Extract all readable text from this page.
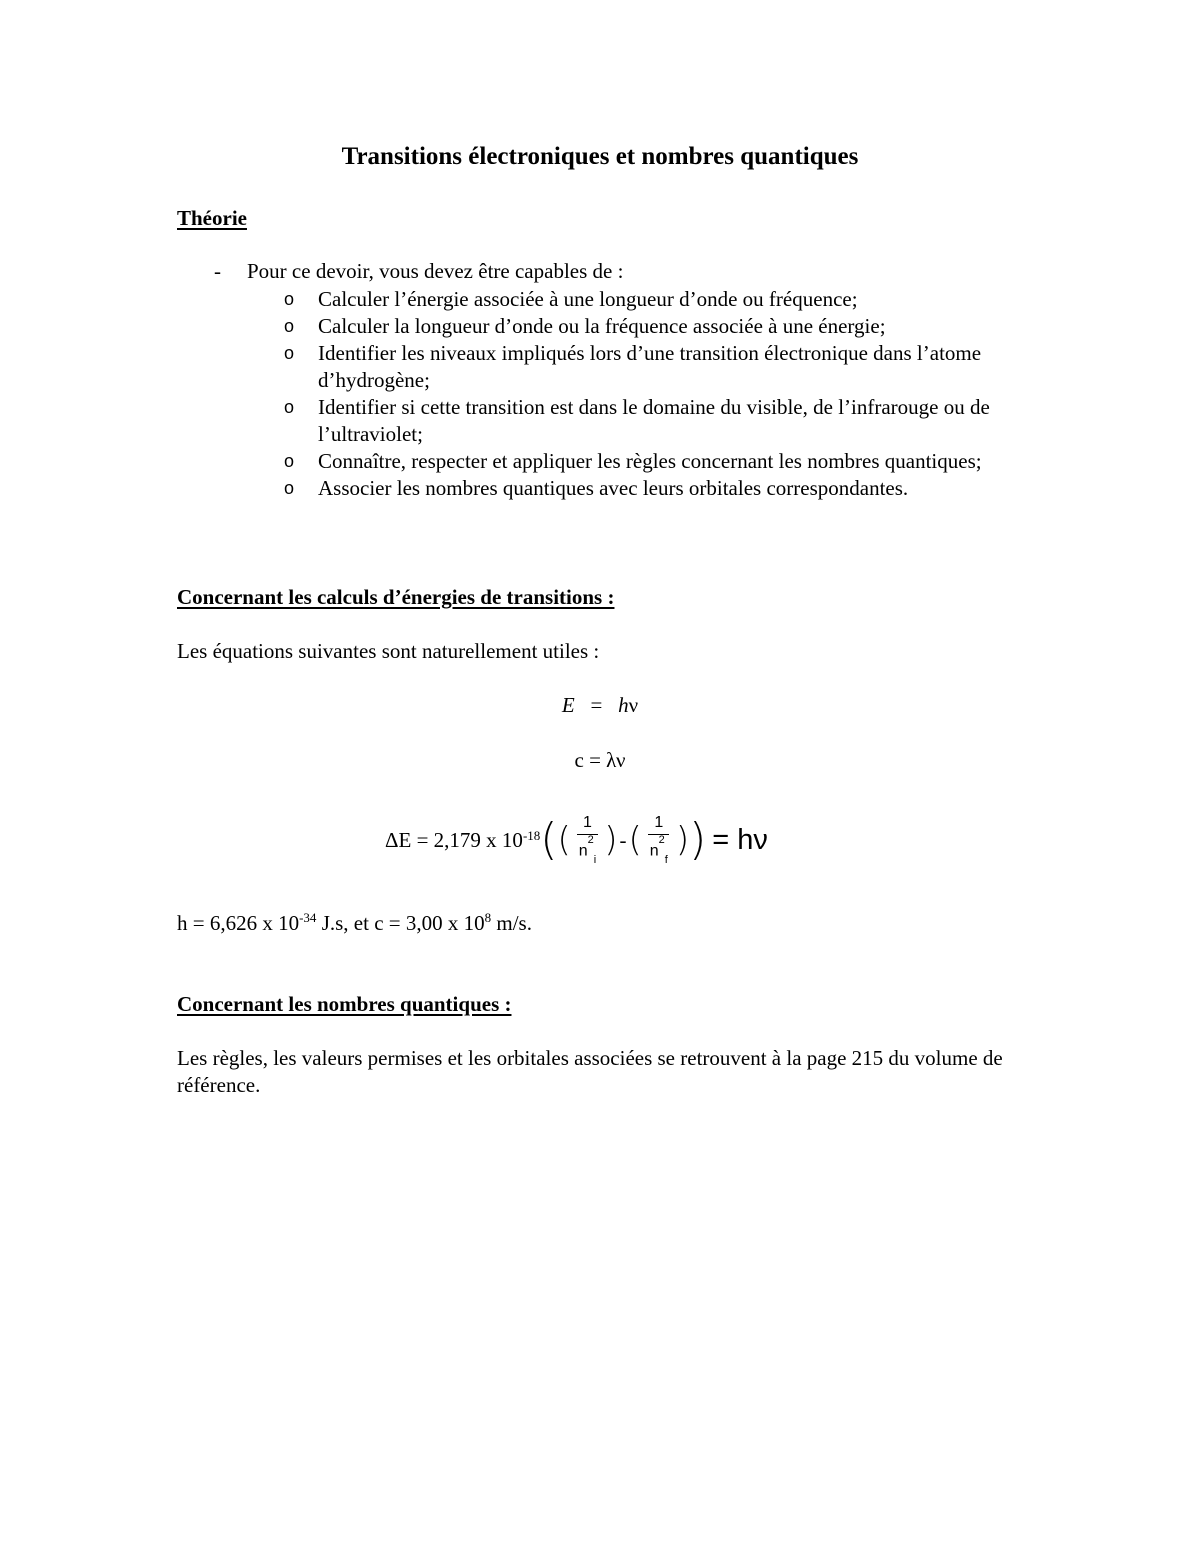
Transitions électroniques et nombres quantiques
Théorie
- Pour ce devoir, vous devez être capables de :
o Calculer l’énergie associée à une longueur d’onde ou fréquence;
o Calculer la longueur d’onde ou la fréquence associée à une énergie;
o Identifier les niveaux impliqués lors d’une transition électronique dans l’atome d’hydrogène;
o Identifier si cette transition est dans le domaine du visible, de l’infrarouge ou de l’ultraviolet;
o Connaître, respecter et appliquer les règles concernant les nombres quantiques;
o Associer les nombres quantiques avec leurs orbitales correspondantes.
Concernant les calculs d’énergies de transitions :
Les équations suivantes sont naturellement utiles :
E = hν
c = λν
ΔE = 2,179 x $10^{-18}$ ( ( $\frac{1}{n^2_i}$ ) - ( $\frac{1}{n^2_f}$ ) ) = hν
h = 6,626 x $10^{-34}$ J.s, et c = 3,00 x $10^8$ m/s.
Concernant les nombres quantiques :
Les règles, les valeurs permises et les orbitales associées se retrouvent à la page 215 du volume de référence.
